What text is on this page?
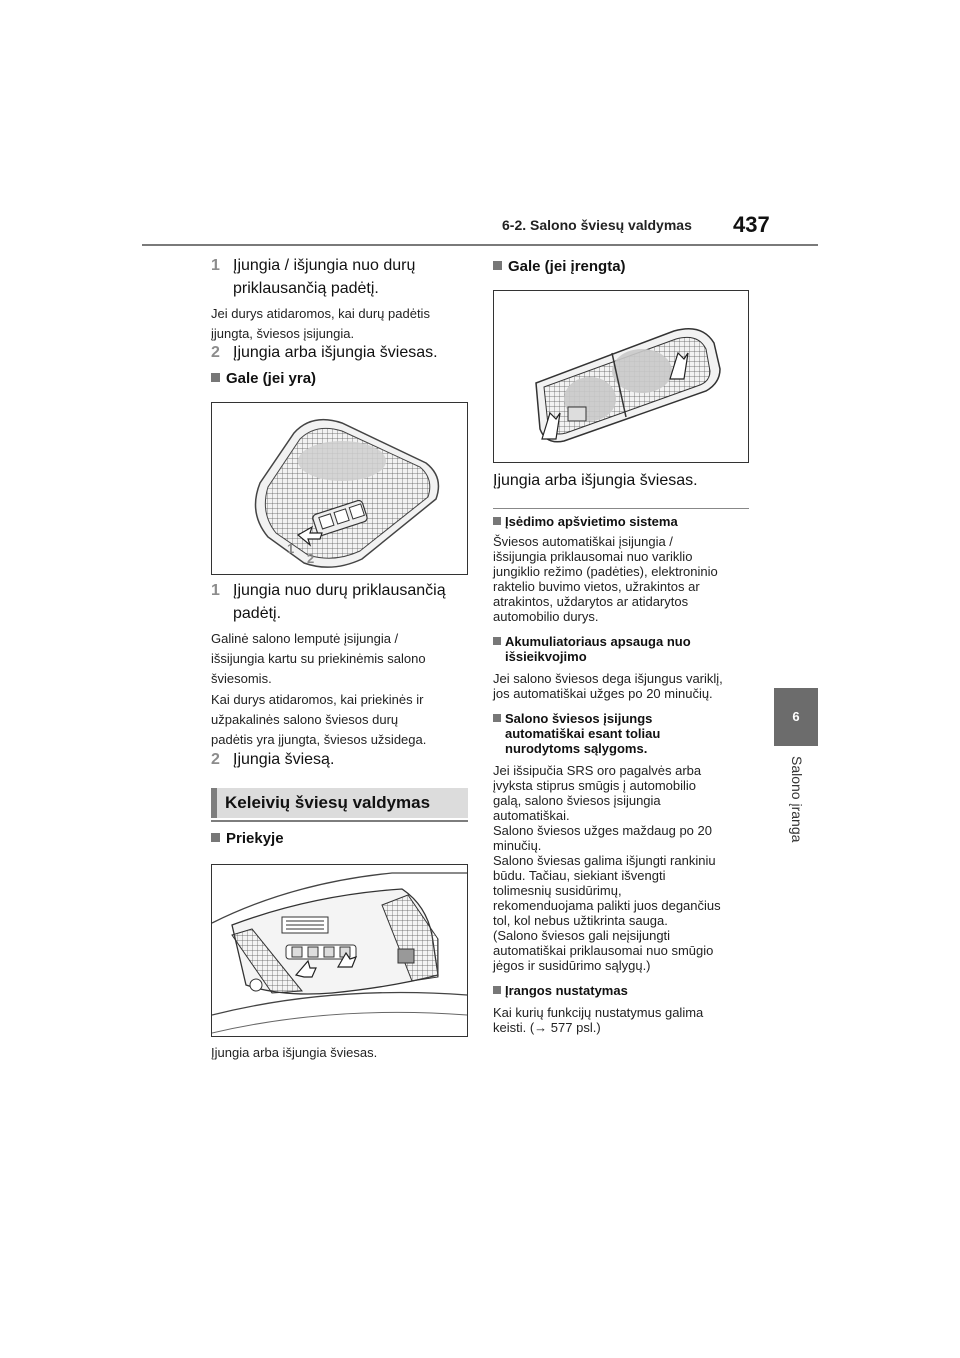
6-2. Salono šviesų valdymas 437
6
Salono įranga
1 Įjungia / išjungia nuo durų
priklausančią padėtį.
Jei durys atidaromos, kai durų padėtis
įjungta, šviesos įsijungia.
2 Įjungia arba išjungia šviesas.
Gale (jei yra)
1
2
1 Įjungia nuo durų priklausančią
padėtį.
Galinė salono lemputė įsijungia /
išsijungia kartu su priekinėmis salono
šviesomis.
Kai durys atidaromos, kai priekinės ir
užpakalinės salono šviesos durų
padėtis yra įjungta, šviesos užsidega.
2 Įjungia šviesą.
Keleivių šviesų valdymas
Priekyje
Įjungia arba išjungia šviesas.
Gale (jei įrengta)
Įjungia arba išjungia šviesas.
Įsėdimo apšvietimo sistema
Šviesos automatiškai įsijungia /
išsijungia priklausomai nuo variklio
jungiklio režimo (padėties), elektroninio
raktelio buvimo vietos, užrakintos ar
atrakintos, uždarytos ar atidarytos
automobilio durys.
Akumuliatoriaus apsauga nuo
išsieikvojimo
Jei salono šviesos dega išjungus variklį,
jos automatiškai užges po 20 minučių.
Salono šviesos įsijungs
automatiškai esant toliau
nurodytoms sąlygoms.
Jei išsipučia SRS oro pagalvės arba
įvyksta stiprus smūgis į automobilio
galą, salono šviesos įsijungia
automatiškai.
Salono šviesos užges maždaug po 20
minučių.
Salono šviesas galima išjungti rankiniu
būdu. Tačiau, siekiant išvengti
tolimesnių susidūrimų,
rekomenduojama palikti juos degančius
tol, kol nebus užtikrinta sauga.
(Salono šviesos gali neįsijungti
automatiškai priklausomai nuo smūgio
jėgos ir susidūrimo sąlygų.)
Įrangos nustatymas
Kai kurių funkcijų nustatymus galima
keisti. (→ 577 psl.)
